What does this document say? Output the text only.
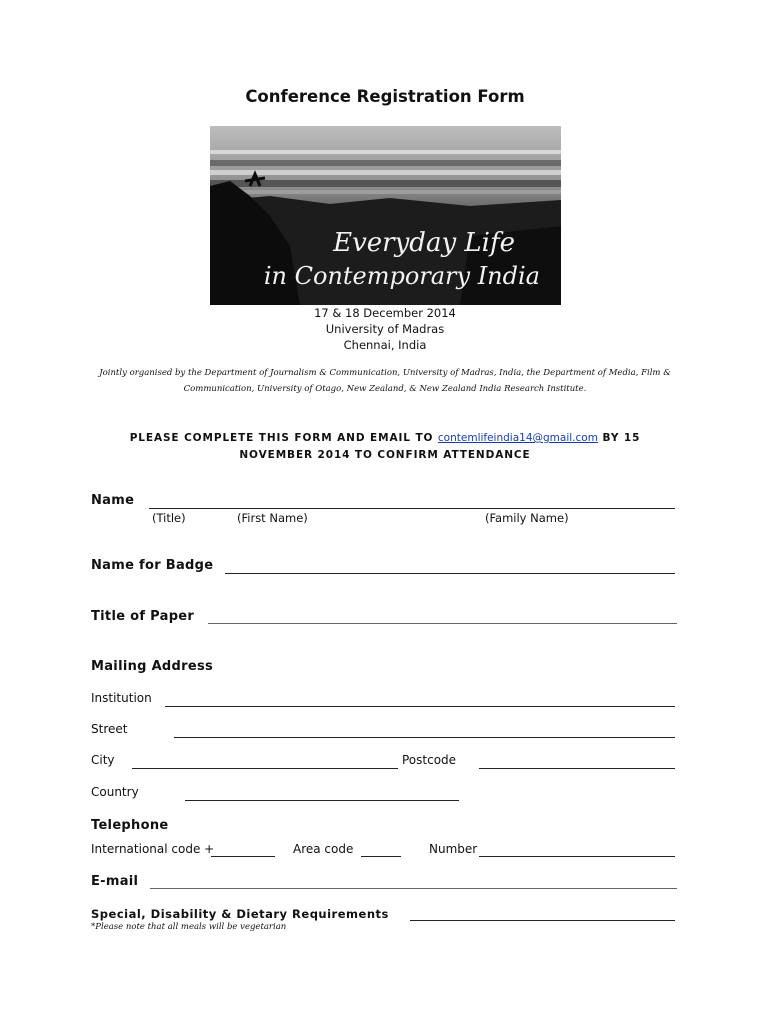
Conference Registration Form
Everyday Life
in Contemporary India
17 & 18 December 2014
University of Madras
Chennai, India
Jointly organised by the Department of Journalism & Communication, University of Madras, India, the Department of Media, Film &
Communication, University of Otago, New Zealand, & New Zealand India Research Institute.
PLEASE COMPLETE THIS FORM AND EMAIL TO contemlifeindia14@gmail.com BY 15
NOVEMBER 2014 TO CONFIRM ATTENDANCE
Name
(Title)	(First Name)	(Family Name)
Name for Badge
Title of Paper
Mailing Address
Institution
Street
City	Postcode
Country
Telephone
International code +	Area code	Number
E-mail
Special, Disability & Dietary Requirements
*Please note that all meals will be vegetarian
